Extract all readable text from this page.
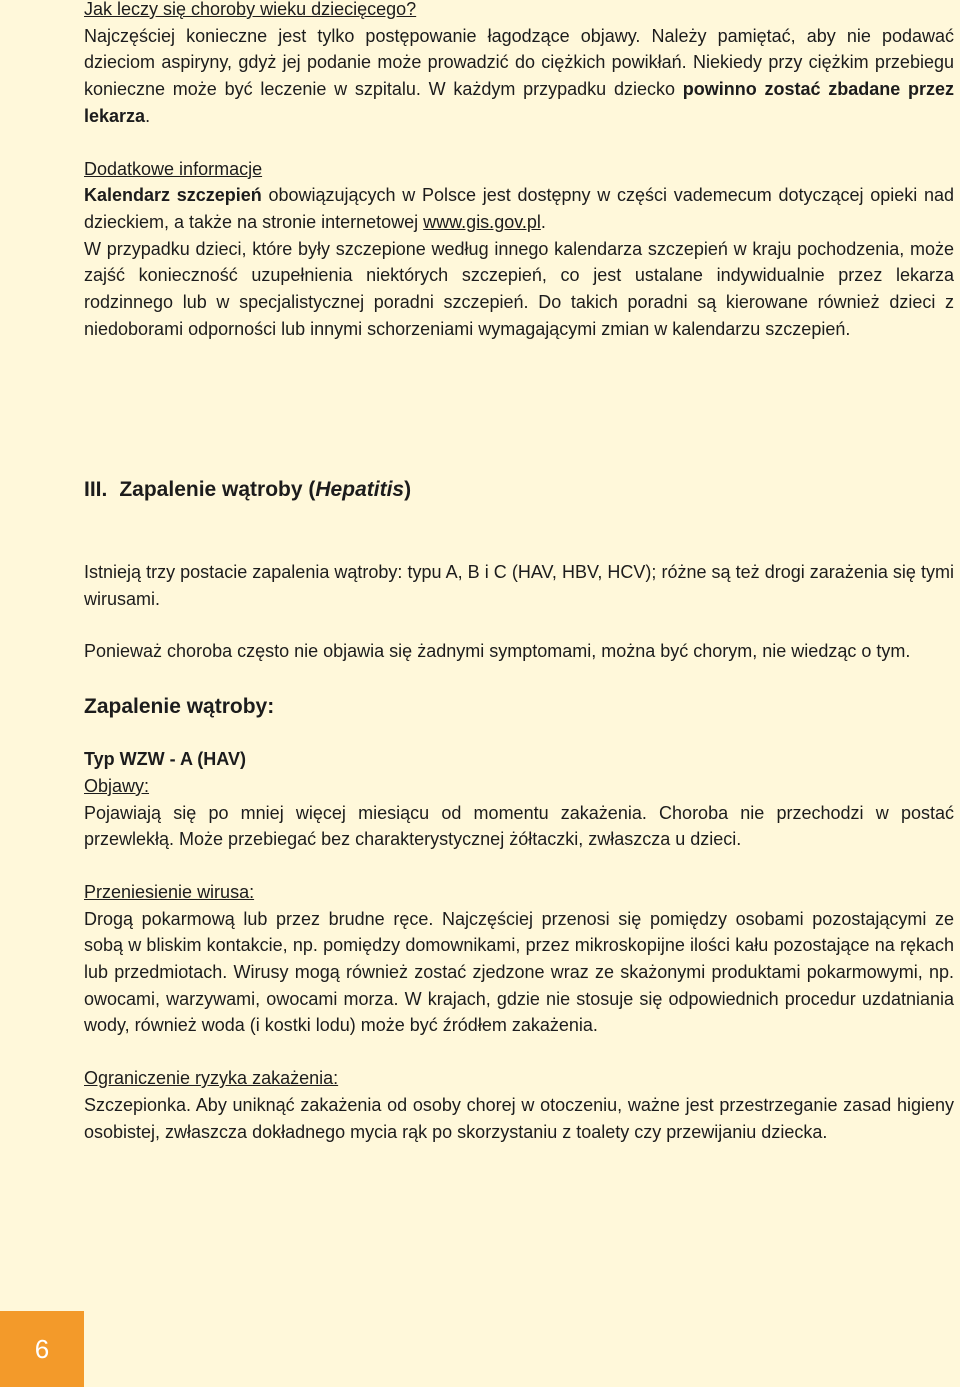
Jak leczy się choroby wieku dziecięcego?

Najczęściej konieczne jest tylko postępowanie łagodzące objawy. Należy pamiętać, aby nie podawać dzieciom aspiryny, gdyż jej podanie może prowadzić do ciężkich powikłań. Niekiedy przy ciężkim przebiegu konieczne może być leczenie w szpitalu. W każdym przypadku dziecko powinno zostać zbadane przez lekarza.

Dodatkowe informacje

Kalendarz szczepień obowiązujących w Polsce jest dostępny w części vademecum dotyczącej opieki nad dzieckiem, a także na stronie internetowej www.gis.gov.pl.

W przypadku dzieci, które były szczepione według innego kalendarza szczepień w kraju pochodzenia, może zajść konieczność uzupełnienia niektórych szczepień, co jest ustalane indywidualnie przez lekarza rodzinnego lub w specjalistycznej poradni szczepień. Do takich poradni są kierowane również dzieci z niedoborami odporności lub innymi schorzeniami wymagającymi zmian w kalendarzu szczepień.

III. Zapalenie wątroby (Hepatitis)

Istnieją trzy postacie zapalenia wątroby: typu A, B i C (HAV, HBV, HCV); różne są też drogi zarażenia się tymi wirusami.

Ponieważ choroba często nie objawia się żadnymi symptomami, można być chorym, nie wiedząc o tym.

Zapalenie wątroby:

Typ WZW - A (HAV)

Objawy:

Pojawiają się po mniej więcej miesiącu od momentu zakażenia. Choroba nie przechodzi w postać przewlekłą. Może przebiegać bez charakterystycznej żółtaczki, zwłaszcza u dzieci.

Przeniesienie wirusa:

Drogą pokarmową lub przez brudne ręce. Najczęściej przenosi się pomiędzy osobami pozostającymi ze sobą w bliskim kontakcie, np. pomiędzy domownikami, przez mikroskopijne ilości kału pozostające na rękach lub przedmiotach. Wirusy mogą również zostać zjedzone wraz ze skażonymi produktami pokarmowymi, np. owocami, warzywami, owocami morza. W krajach, gdzie nie stosuje się odpowiednich procedur uzdatniania wody, również woda (i kostki lodu) może być źródłem zakażenia.

Ograniczenie ryzyka zakażenia:

Szczepionka. Aby uniknąć zakażenia od osoby chorej w otoczeniu, ważne jest przestrzeganie zasad higieny osobistej, zwłaszcza dokładnego mycia rąk po skorzystaniu z toalety czy przewijaniu dziecka.

6
